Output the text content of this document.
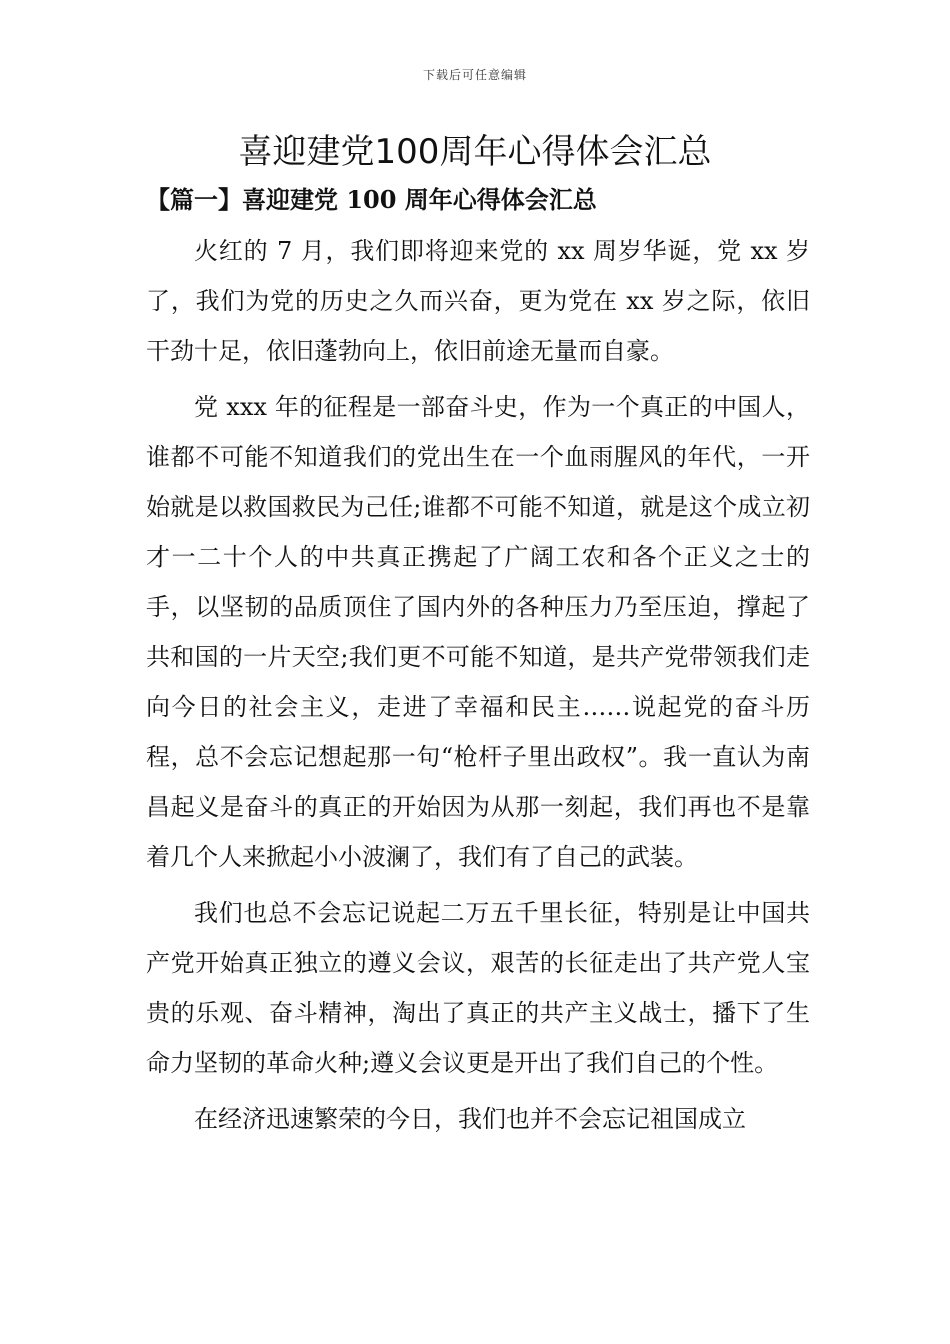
下载后可任意编辑
喜迎建党100周年心得体会汇总
【篇一】喜迎建党 100 周年心得体会汇总

火红的 7 月，我们即将迎来党的 xx 周岁华诞，党 xx 岁了，我们为党的历史之久而兴奋，更为党在 xx 岁之际，依旧干劲十足，依旧蓬勃向上，依旧前途无量而自豪。

党 xxx 年的征程是一部奋斗史，作为一个真正的中国人，谁都不可能不知道我们的党出生在一个血雨腥风的年代，一开始就是以救国救民为己任;谁都不可能不知道，就是这个成立初才一二十个人的中共真正携起了广阔工农和各个正义之士的手，以坚韧的品质顶住了国内外的各种压力乃至压迫，撑起了共和国的一片天空;我们更不可能不知道，是共产党带领我们走向今日的社会主义，走进了幸福和民主……说起党的奋斗历程，总不会忘记想起那一句“枪杆子里出政权”。我一直认为南昌起义是奋斗的真正的开始因为从那一刻起，我们再也不是靠着几个人来掀起小小波澜了，我们有了自己的武装。

我们也总不会忘记说起二万五千里长征，特别是让中国共产党开始真正独立的遵义会议，艰苦的长征走出了共产党人宝贵的乐观、奋斗精神，淘出了真正的共产主义战士，播下了生命力坚韧的革命火种;遵义会议更是开出了我们自己的个性。

在经济迅速繁荣的今日，我们也并不会忘记祖国成立
